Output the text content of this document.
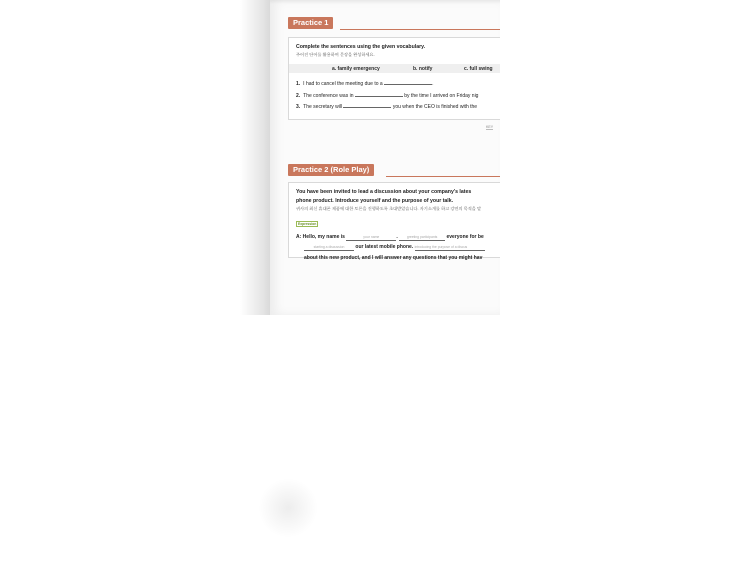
Practice 1
Complete the sentences using the given vocabulary.
주어진 단어를 활용하여 문장을 완성하세요.
a. family emergency	b. notify	c. full swing
1. I had to cancel the meeting due to a	.
2. The conference was in	by the time I arrived on Friday nig
3. The secretary will	you when the CEO is finished with the
KEY
Practice 2 (Role Play)
You have been invited to lead a discussion about your company's lates
phone product. Introduce yourself and the purpose of your talk.
귀사의 최신 휴대폰 제품에 대한 토론을 진행하도록 초대받았습니다. 자기소개를 하고 강연의 목적을 말
Expression
A: Hello, my name is	your name	.	greeting participants everyone for be
starting a discussion our latest mobile phone. introducing the purpose of a discus
about this new product, and I will answer any questions that you might hav
